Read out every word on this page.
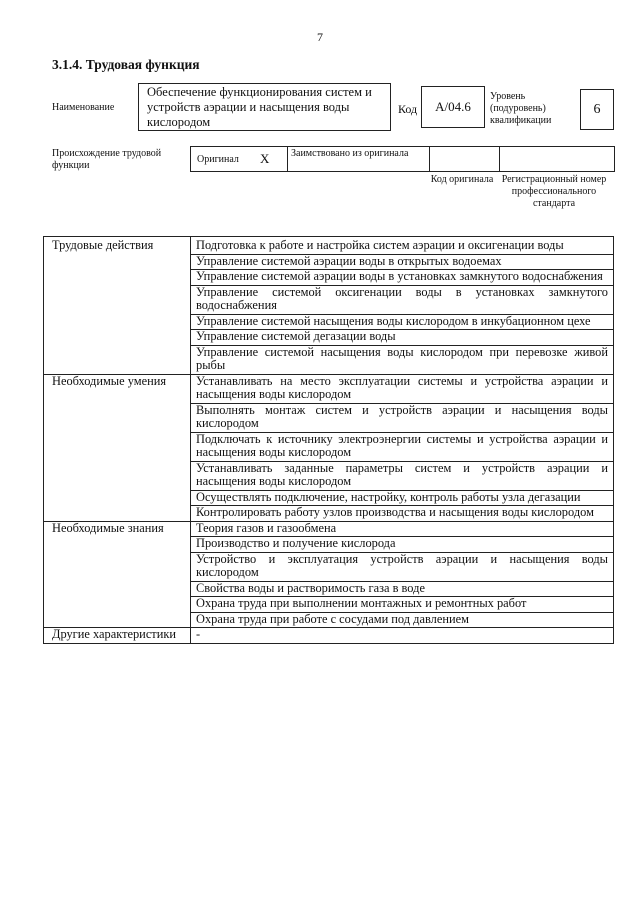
7
3.1.4. Трудовая функция
Наименование
Обеспечение функционирования систем и устройств аэрации и насыщения воды кислородом
Код А/04.6
Уровень (подуровень) квалификации
6
Происхождение трудовой функции
Оригинал X	Заимствовано из оригинала
Код оригинала Регистрационный номер профессионального стандарта
Трудовые действия	Подготовка к работе и настройка систем аэрации и оксигенации воды
	Управление системой аэрации воды в открытых водоемах
	Управление системой аэрации воды в установках замкнутого водоснабжения
	Управление системой оксигенации воды в установках замкнутого водоснабжения
	Управление системой насыщения воды кислородом в инкубационном цехе
	Управление системой дегазации воды
	Управление системой насыщения воды кислородом при перевозке живой рыбы
Необходимые умения	Устанавливать на место эксплуатации системы и устройства аэрации и насыщения воды кислородом
	Выполнять монтаж систем и устройств аэрации и насыщения воды кислородом
	Подключать к источнику электроэнергии системы и устройства аэрации и насыщения воды кислородом
	Устанавливать заданные параметры систем и устройств аэрации и насыщения воды кислородом
	Осуществлять подключение, настройку, контроль работы узла дегазации
	Контролировать работу узлов производства и насыщения воды кислородом
Необходимые знания	Теория газов и газообмена
	Производство и получение кислорода
	Устройство и эксплуатация устройств аэрации и насыщения воды кислородом
	Свойства воды и растворимость газа в воде
	Охрана труда при выполнении монтажных и ремонтных работ
	Охрана труда при работе с сосудами под давлением
Другие характеристики	-
